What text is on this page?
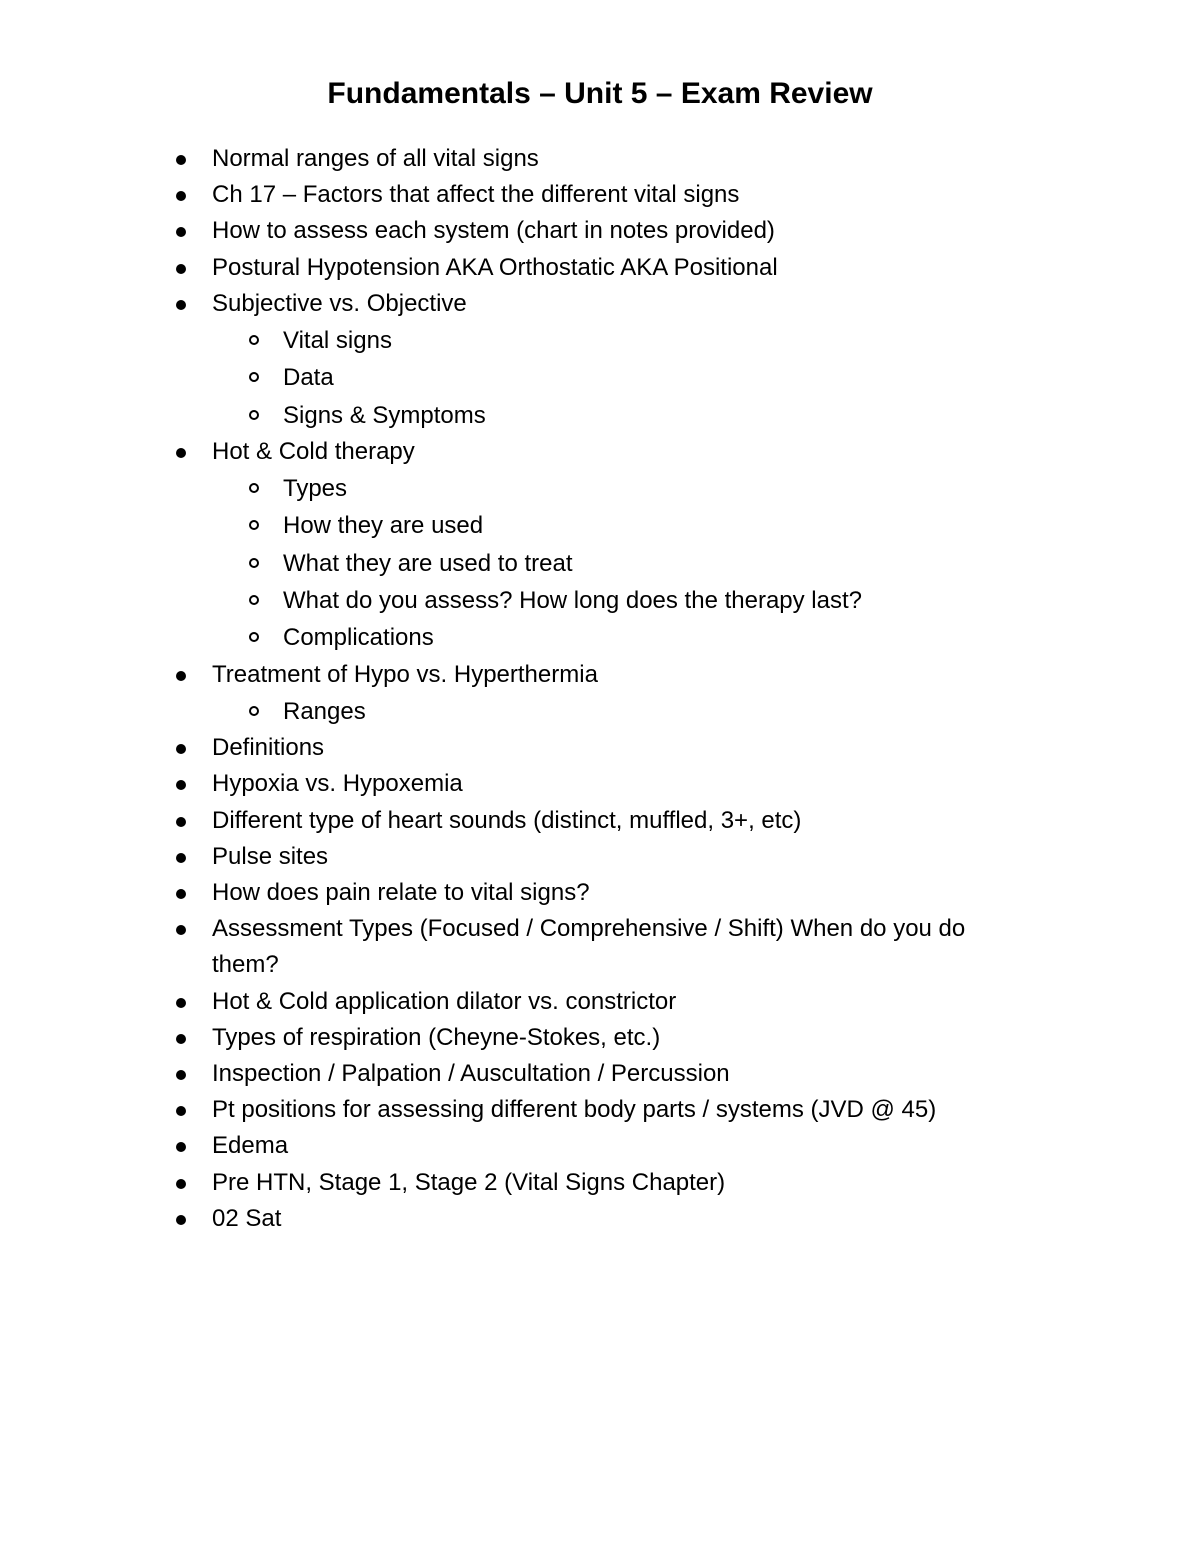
Fundamentals – Unit 5 – Exam Review
Normal ranges of all vital signs
Ch 17 – Factors that affect the different vital signs
How to assess each system (chart in notes provided)
Postural Hypotension AKA Orthostatic AKA Positional
Subjective vs. Objective
Vital signs
Data
Signs & Symptoms
Hot & Cold therapy
Types
How they are used
What they are used to treat
What do you assess? How long does the therapy last?
Complications
Treatment of Hypo vs. Hyperthermia
Ranges
Definitions
Hypoxia vs. Hypoxemia
Different type of heart sounds (distinct, muffled, 3+, etc)
Pulse sites
How does pain relate to vital signs?
Assessment Types (Focused / Comprehensive / Shift) When do you do them?
Hot & Cold application dilator vs. constrictor
Types of respiration (Cheyne-Stokes, etc.)
Inspection / Palpation / Auscultation / Percussion
Pt positions for assessing different body parts / systems (JVD @ 45)
Edema
Pre HTN, Stage 1, Stage 2 (Vital Signs Chapter)
02 Sat
